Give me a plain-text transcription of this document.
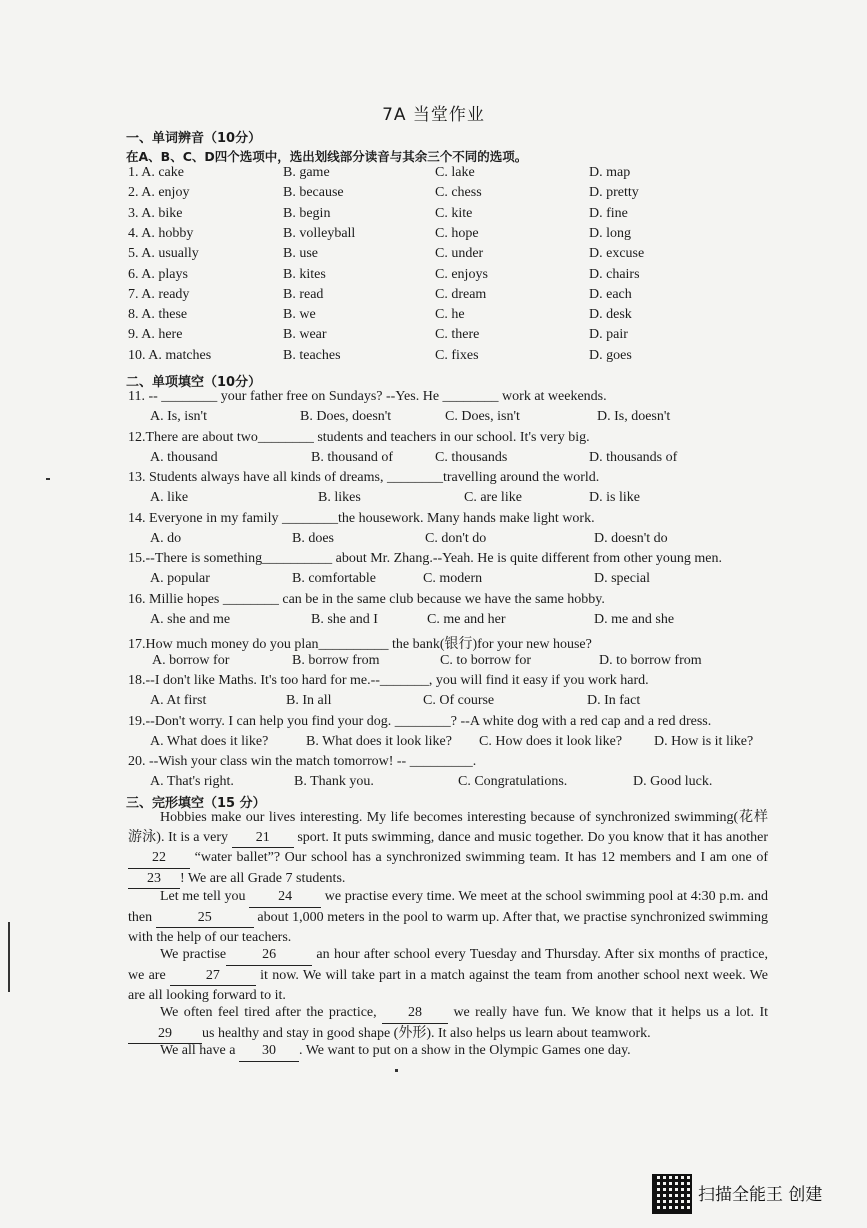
7A 当堂作业
一、单词辨音（10分）
在A、B、C、D四个选项中，选出划线部分读音与其余三个不同的选项。
1. A. cake	B. game	C. lake	D. map
2. A. enjoy	B. because	C. chess	D. pretty
3. A. bike	B. begin	C. kite	D. fine
4. A. hobby	B. volleyball	C. hope	D. long
5. A. usually	B. use	C. under	D. excuse
6. A. plays	B. kites	C. enjoys	D. chairs
7. A. ready	B. read	C. dream	D. each
8. A. these	B. we	C. he	D. desk
9. A. here	B. wear	C. there	D. pair
10. A. matches	B. teaches	C. fixes	D. goes
二、单项填空（10分）
11. -- ________ your father free on Sundays? --Yes. He ________ work at weekends.
A. Is, isn't	B. Does, doesn't	C. Does, isn't	D. Is, doesn't
12.There are about two________ students and teachers in our school. It's very big.
A. thousand	B. thousand of	C. thousands	D. thousands of
13. Students always have all kinds of dreams, ________travelling around the world.
A. like	B. likes	C. are like	D. is like
14. Everyone in my family ________the housework. Many hands make light work.
A. do	B. does	C. don't do	D. doesn't do
15.--There is something__________ about Mr. Zhang.--Yeah. He is quite different from other young men.
A. popular	B. comfortable	C. modern	D. special
16. Millie hopes ________ can be in the same club because we have the same hobby.
A. she and me	B. she and I	C. me and her	D. me and she
17.How much money do you plan__________ the bank(银行)for your new house?
A. borrow for	B. borrow from	C. to borrow for	D. to borrow from
18.--I don't like Maths. It's too hard for me.--_______, you will find it easy if you work hard.
A. At first	B. In all	C. Of course	D. In fact
19.--Don't worry. I can help you find your dog. ________? --A white dog with a red cap and a red dress.
A. What does it like?	B. What does it look like? C. How does it look like? D. How is it like?
20. --Wish your class win the match tomorrow! -- _________.
A. That's right.	B. Thank you.	C. Congratulations.	D. Good luck.
三、完形填空（15 分）
Hobbies make our lives interesting. My life becomes interesting because of synchronized swimming(花样游泳). It is a very 21 sport. It puts swimming, dance and music together. Do you know that it has another 22 “water ballet”? Our school has a synchronized swimming team. It has 12 members and I am one of 23 ! We are all Grade 7 students.
Let me tell you 24 we practise every time. We meet at the school swimming pool at 4:30 p.m. and then	25	about 1,000 meters in the pool to warm up. After that, we practise synchronized swimming with the help of our teachers.
We practise	26	an hour after school every Tuesday and Thursday. After six months of practice, we are	27	it now. We will take part in a match against the team from another school next week. We are all looking forward to it.
We often feel tired after the practice, 28 we really have fun. We know that it helps us a lot. It 29 us healthy and stay in good shape (外形). It also helps us learn about teamwork.
We all have a 30 . We want to put on a show in the Olympic Games one day.
扫描全能王 创建
